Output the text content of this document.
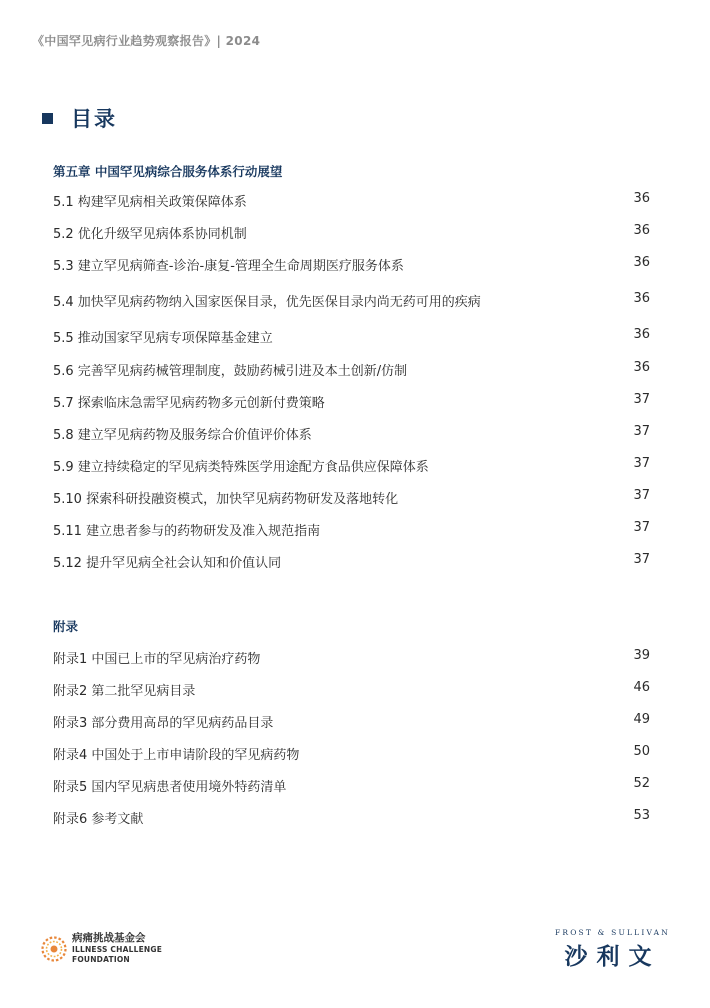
《中国罕见病行业趋势观察报告》| 2024
目录
第五章 中国罕见病综合服务体系行动展望
5.1 构建罕见病相关政策保障体系	36
5.2 优化升级罕见病体系协同机制	36
5.3 建立罕见病筛查-诊治-康复-管理全生命周期医疗服务体系	36
5.4 加快罕见病药物纳入国家医保目录，优先医保目录内尚无药可用的疾病	36
5.5 推动国家罕见病专项保障基金建立	36
5.6 完善罕见病药械管理制度，鼓励药械引进及本土创新/仿制	36
5.7 探索临床急需罕见病药物多元创新付费策略	37
5.8 建立罕见病药物及服务综合价值评价体系	37
5.9 建立持续稳定的罕见病类特殊医学用途配方食品供应保障体系	37
5.10 探索科研投融资模式，加快罕见病药物研发及落地转化	37
5.11 建立患者参与的药物研发及准入规范指南	37
5.12 提升罕见病全社会认知和价值认同	37
附录
附录1 中国已上市的罕见病治疗药物	39
附录2 第二批罕见病目录	46
附录3 部分费用高昂的罕见病药品目录	49
附录4 中国处于上市申请阶段的罕见病药物	50
附录5 国内罕见病患者使用境外特药清单	52
附录6 参考文献	53
病痛挑战基金会
ILLNESS CHALLENGE
FOUNDATION
FROST & SULLIVAN
沙利文
